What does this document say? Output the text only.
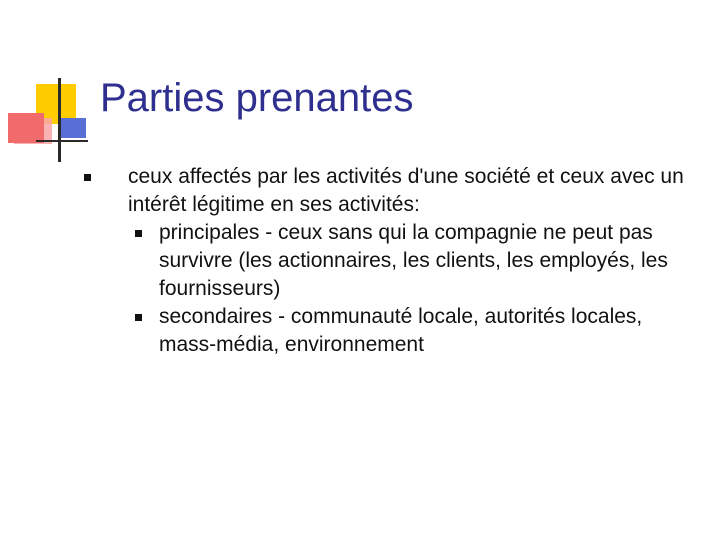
Parties prenantes
ceux affectés par les activités d'une société et ceux avec un intérêt légitime en ses activités:
principales - ceux sans qui la compagnie ne peut pas survivre (les actionnaires, les clients, les employés, les fournisseurs)
secondaires - communauté locale, autorités locales, mass-média, environnement
